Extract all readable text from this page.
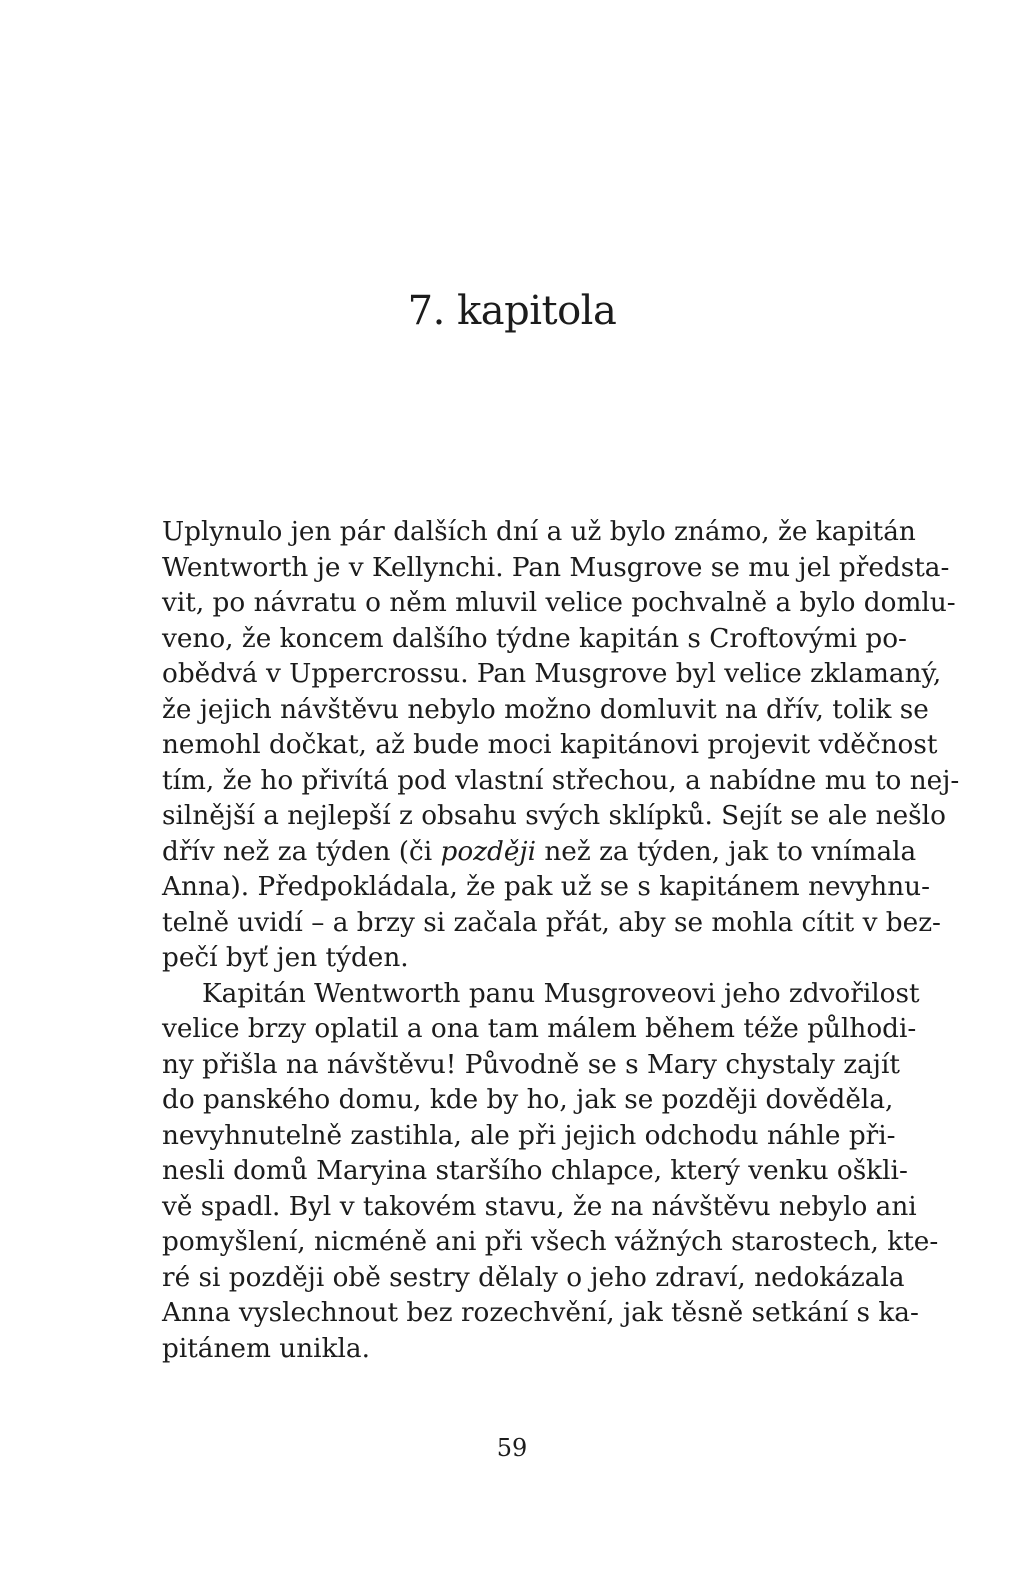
7. kapitola
Uplynulo jen pár dalších dní a už bylo známo, že kapitán
Wentworth je v Kellynchi. Pan Musgrove se mu jel předsta-
vit, po návratu o něm mluvil velice pochvalně a bylo domlu-
veno, že koncem dalšího týdne kapitán s Croftovými po-
obědvá v Uppercrossu. Pan Musgrove byl velice zklamaný,
že jejich návštěvu nebylo možno domluvit na dřív, tolik se
nemohl dočkat, až bude moci kapitánovi projevit vděčnost
tím, že ho přivítá pod vlastní střechou, a nabídne mu to nej-
silnější a nejlepší z obsahu svých sklípků. Sejít se ale nešlo
dřív než za týden (či později než za týden, jak to vnímala
Anna). Předpokládala, že pak už se s kapitánem nevyhnu-
telně uvidí – a brzy si začala přát, aby se mohla cítit v bez-
pečí byť jen týden.
Kapitán Wentworth panu Musgroveovi jeho zdvořilost
velice brzy oplatil a ona tam málem během téže půlhodi-
ny přišla na návštěvu! Původně se s Mary chystaly zajít
do panského domu, kde by ho, jak se později dověděla,
nevyhnutelně zastihla, ale při jejich odchodu náhle při-
nesli domů Maryina staršího chlapce, který venku oškli-
vě spadl. Byl v takovém stavu, že na návštěvu nebylo ani
pomyšlení, nicméně ani při všech vážných starostech, kte-
ré si později obě sestry dělaly o jeho zdraví, nedokázala
Anna vyslechnout bez rozechvění, jak těsně setkání s ka-
pitánem unikla.
59
